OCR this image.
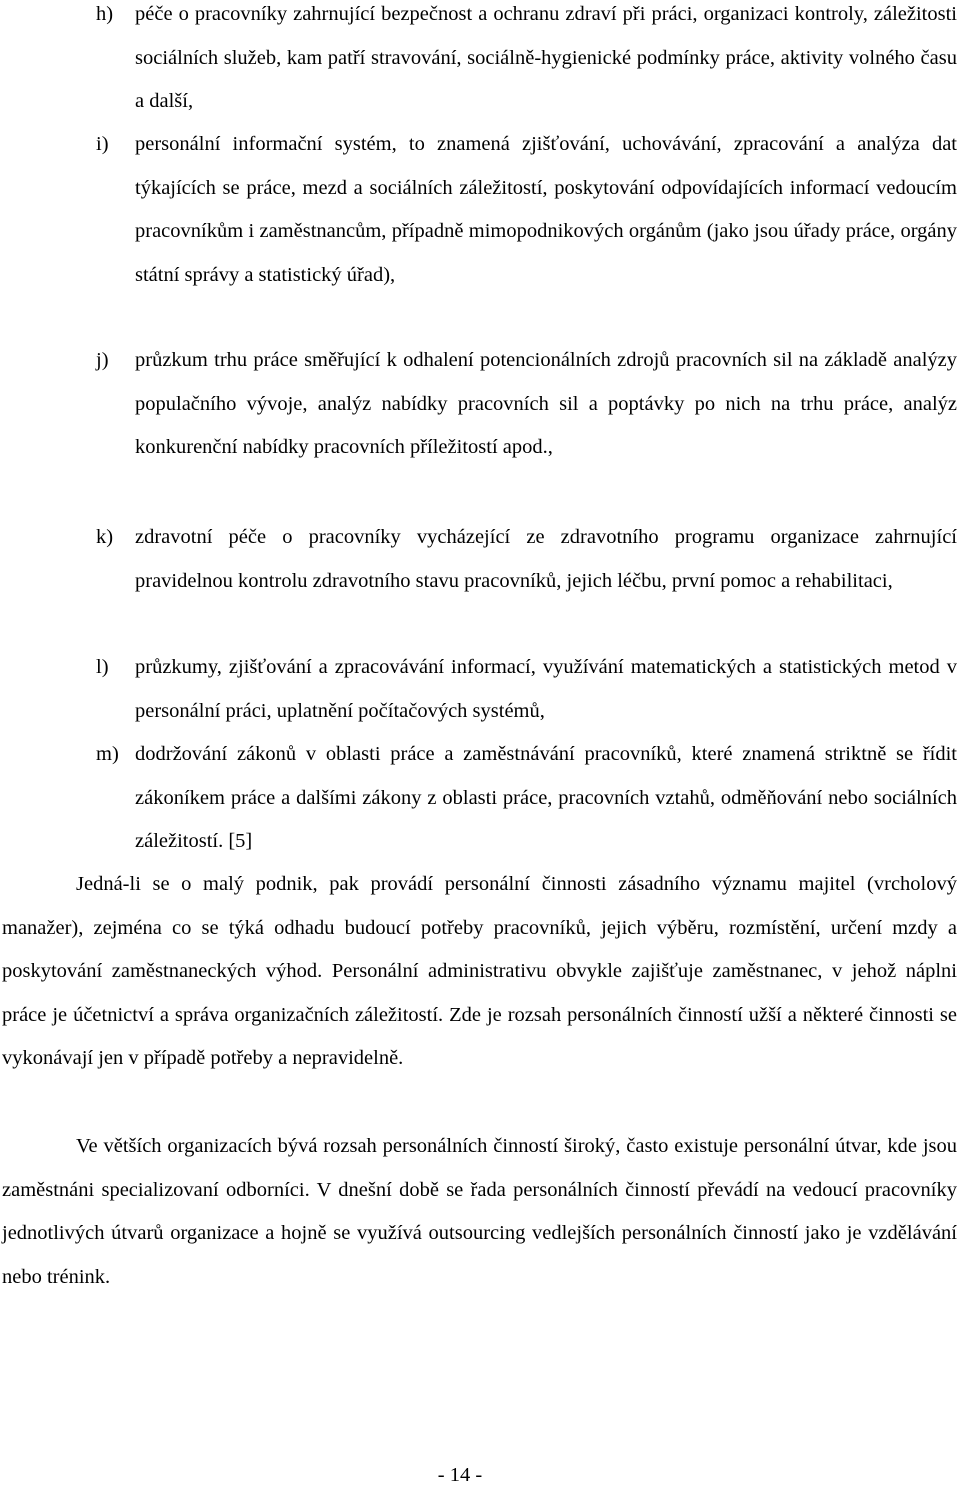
h) péče o pracovníky zahrnující bezpečnost a ochranu zdraví při práci, organizaci kontroly, záležitosti sociálních služeb, kam patří stravování, sociálně-hygienické podmínky práce, aktivity volného času a další,
i) personální informační systém, to znamená zjišťování, uchovávání, zpracování a analýza dat týkajících se práce, mezd a sociálních záležitostí, poskytování odpovídajících informací vedoucím pracovníkům i zaměstnancům, případně mimopodnikových orgánům (jako jsou úřady práce, orgány státní správy a statistický úřad),
j) průzkum trhu práce směřující k odhalení potencionálních zdrojů pracovních sil na základě analýzy populačního vývoje, analýz nabídky pracovních sil a poptávky po nich na trhu práce, analýz konkurenční nabídky pracovních příležitostí apod.,
k) zdravotní péče o pracovníky vycházející ze zdravotního programu organizace zahrnující pravidelnou kontrolu zdravotního stavu pracovníků, jejich léčbu, první pomoc a rehabilitaci,
l) průzkumy, zjišťování a zpracovávání informací, využívání matematických a statistických metod v personální práci, uplatnění počítačových systémů,
m) dodržování zákonů v oblasti práce a zaměstnávání pracovníků, které znamená striktně se řídit zákoníkem práce a dalšími zákony z oblasti práce, pracovních vztahů, odměňování nebo sociálních záležitostí. [5]
Jedná-li se o malý podnik, pak provádí personální činnosti zásadního významu majitel (vrcholový manažer), zejména co se týká odhadu budoucí potřeby pracovníků, jejich výběru, rozmístění, určení mzdy a poskytování zaměstnaneckých výhod. Personální administrativu obvykle zajišťuje zaměstnanec, v jehož náplni práce je účetnictví a správa organizačních záležitostí. Zde je rozsah personálních činností užší a některé činnosti se vykonávají jen v případě potřeby a nepravidelně.
Ve větších organizacích bývá rozsah personálních činností široký, často existuje personální útvar, kde jsou zaměstnáni specializovaní odborníci. V dnešní době se řada personálních činností převádí na vedoucí pracovníky jednotlivých útvarů organizace a hojně se využívá outsourcing vedlejších personálních činností jako je vzdělávání nebo trénink.
- 14 -
